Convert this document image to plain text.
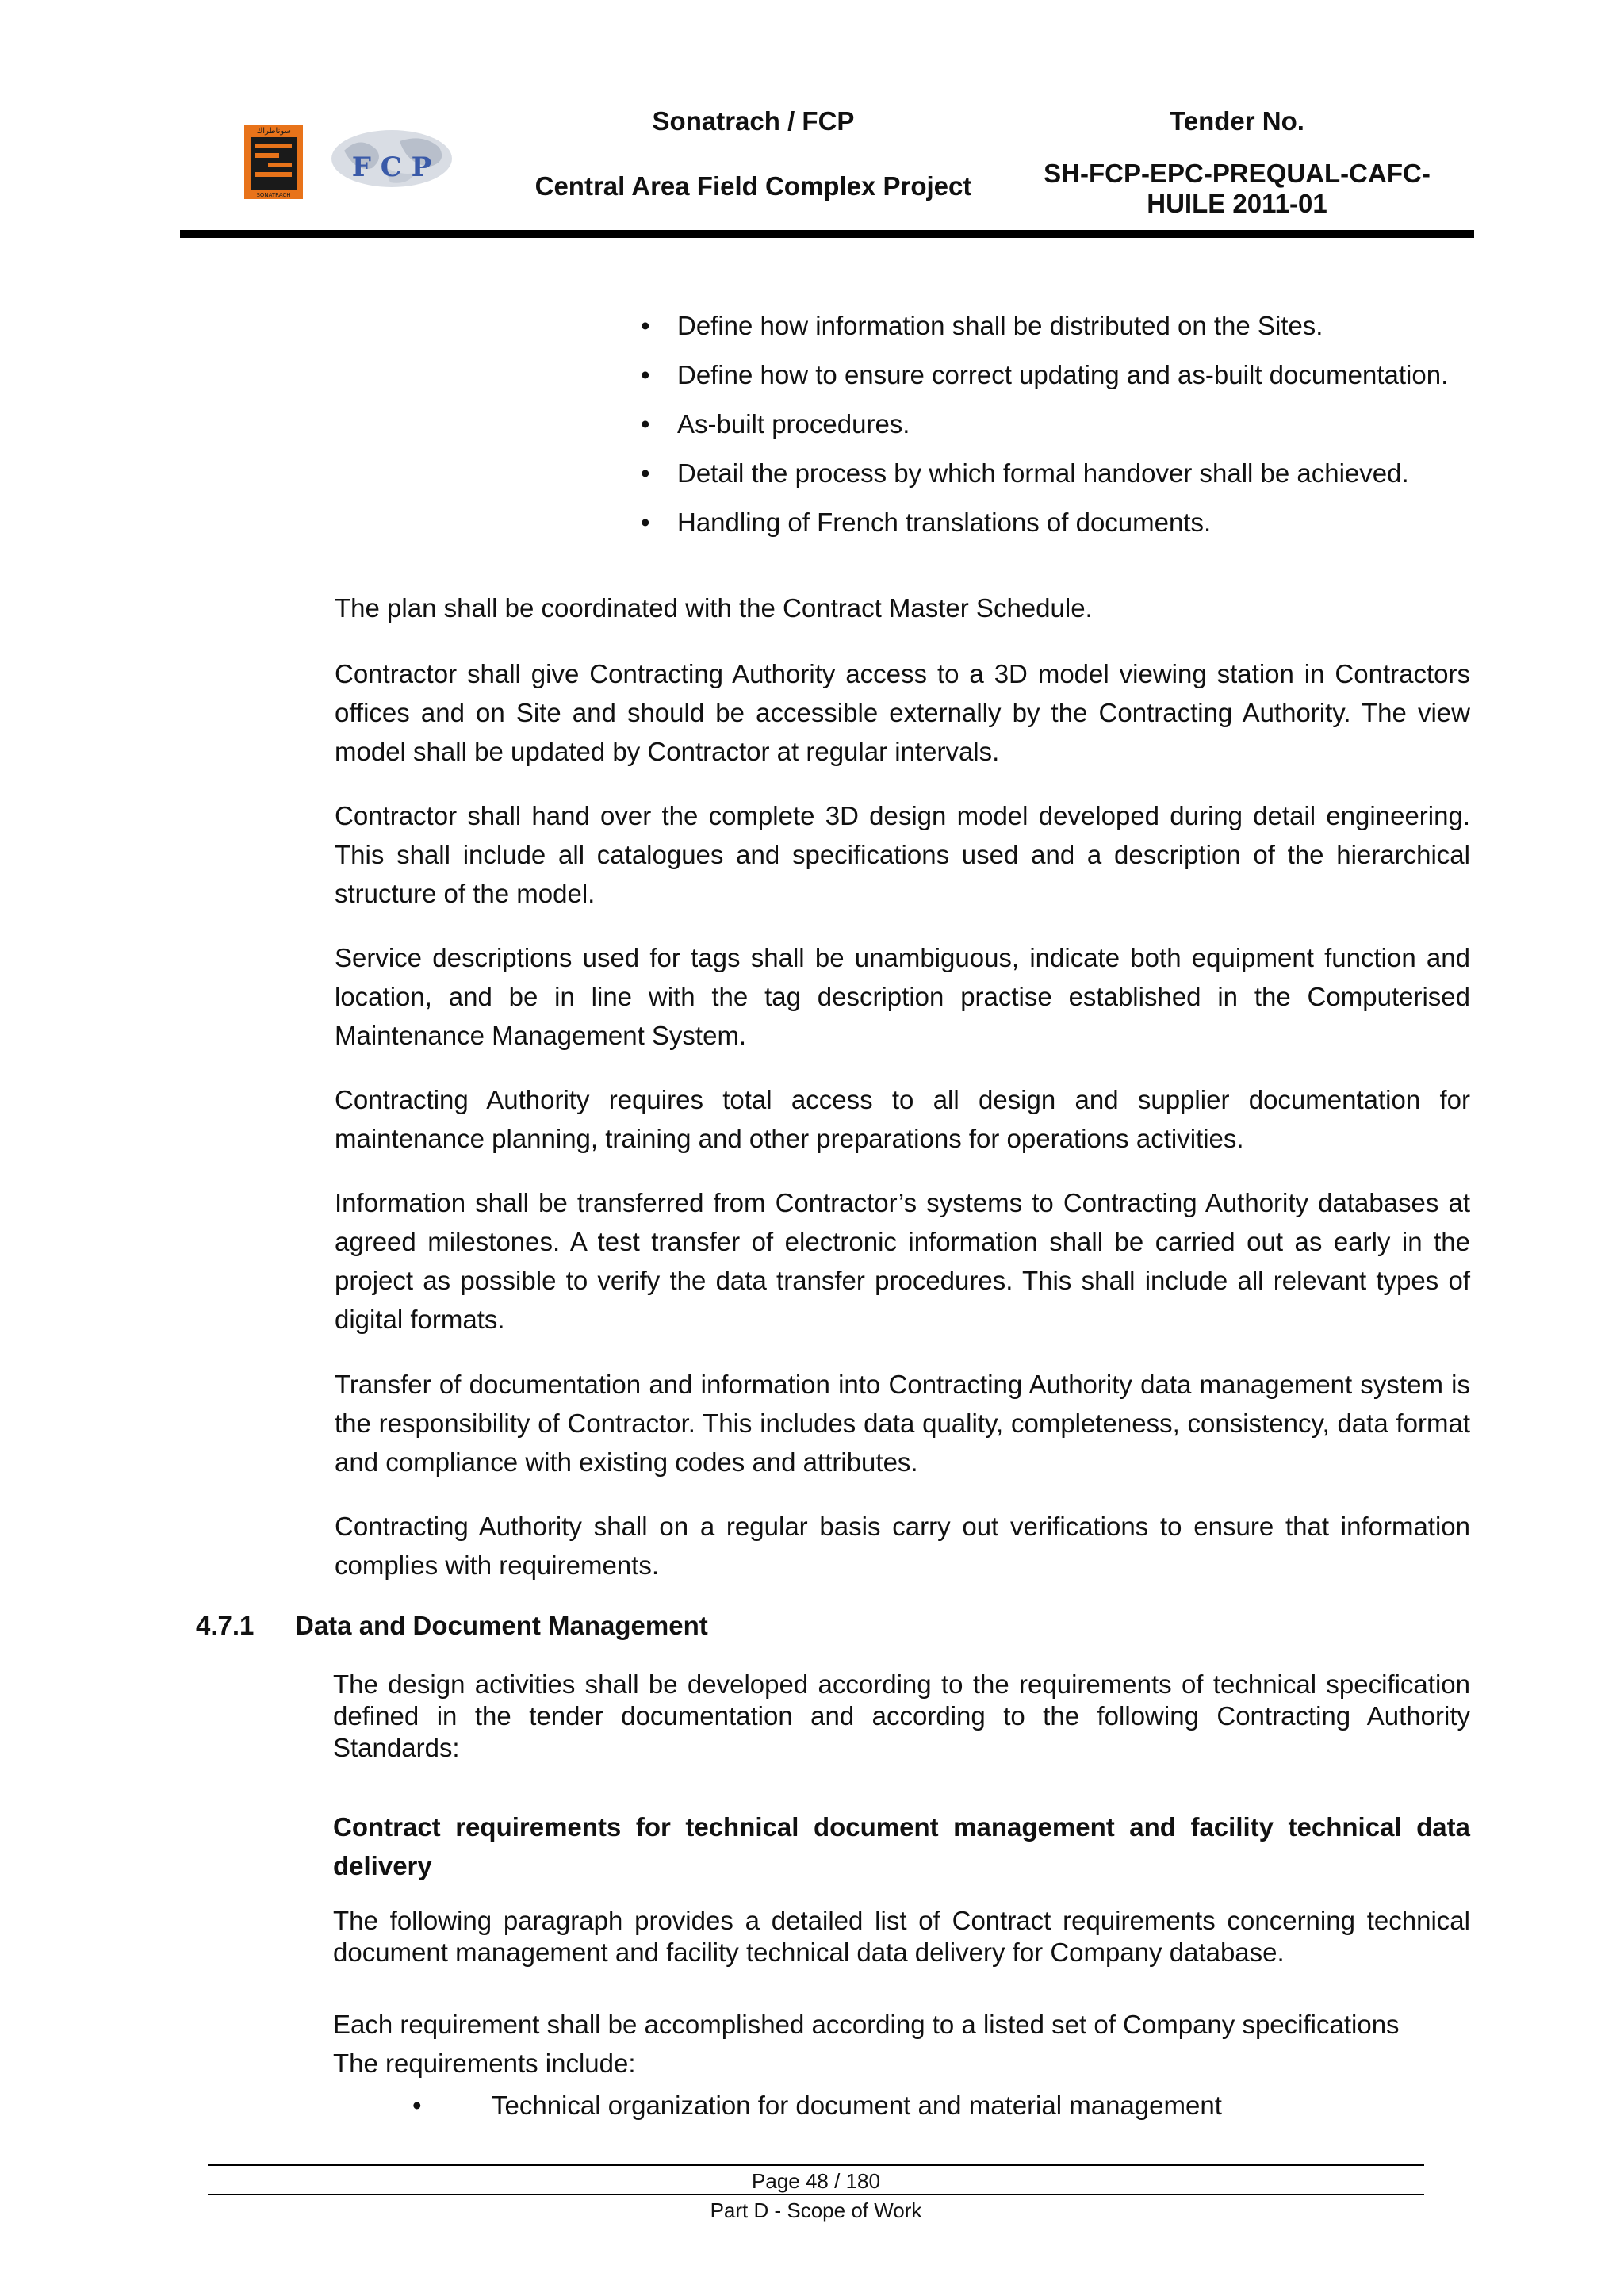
سوناطراك
SONATRACH
F C P
Sonatrach / FCP
Central Area Field Complex Project
Tender No.
SH-FCP-EPC-PREQUAL-CAFC-
HUILE 2011-01
• Define how information shall be distributed on the Sites.
• Define how to ensure correct updating and as-built documentation.
• As-built procedures.
• Detail the process by which formal handover shall be achieved.
• Handling of French translations of documents.
The plan shall be coordinated with the Contract Master Schedule.
Contractor shall give Contracting Authority access to a 3D model viewing station in Contractors offices and on Site and should be accessible externally by the Contracting Authority. The view model shall be updated by Contractor at regular intervals.
Contractor shall hand over the complete 3D design model developed during detail engineering. This shall include all catalogues and specifications used and a description of the hierarchical structure of the model.
Service descriptions used for tags shall be unambiguous, indicate both equipment function and location, and be in line with the tag description practise established in the Computerised Maintenance Management System.
Contracting Authority requires total access to all design and supplier documentation for maintenance planning, training and other preparations for operations activities.
Information shall be transferred from Contractor’s systems to Contracting Authority databases at agreed milestones. A test transfer of electronic information shall be carried out as early in the project as possible to verify the data transfer procedures. This shall include all relevant types of digital formats.
Transfer of documentation and information into Contracting Authority data management system is the responsibility of Contractor. This includes data quality, completeness, consistency, data format and compliance with existing codes and attributes.
Contracting Authority shall on a regular basis carry out verifications to ensure that information complies with requirements.
4.7.1 Data and Document Management
The design activities shall be developed according to the requirements of technical specification defined in the tender documentation and according to the following Contracting Authority Standards:
Contract requirements for technical document management and facility technical data delivery
The following paragraph provides a detailed list of Contract requirements concerning technical document management and facility technical data delivery for Company database.
Each requirement shall be accomplished according to a listed set of Company specifications
The requirements include:
•	Technical organization for document and material management
Page 48 / 180
Part D - Scope of Work
